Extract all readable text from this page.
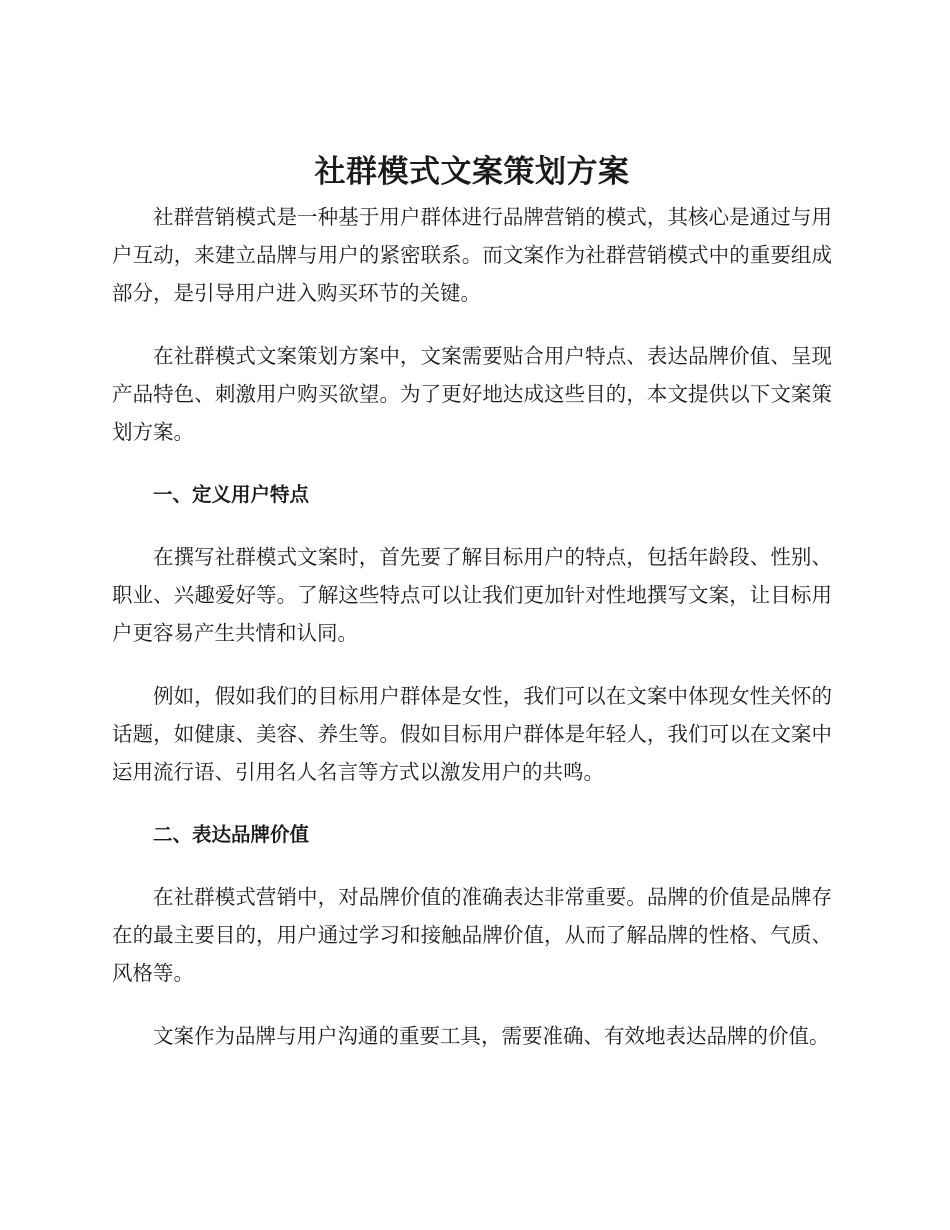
社群模式文案策划方案

社群营销模式是一种基于用户群体进行品牌营销的模式，其核心是通过与用户互动，来建立品牌与用户的紧密联系。而文案作为社群营销模式中的重要组成部分，是引导用户进入购买环节的关键。

在社群模式文案策划方案中，文案需要贴合用户特点、表达品牌价值、呈现产品特色、刺激用户购买欲望。为了更好地达成这些目的，本文提供以下文案策划方案。

一、定义用户特点

在撰写社群模式文案时，首先要了解目标用户的特点，包括年龄段、性别、职业、兴趣爱好等。了解这些特点可以让我们更加针对性地撰写文案，让目标用户更容易产生共情和认同。

例如，假如我们的目标用户群体是女性，我们可以在文案中体现女性关怀的话题，如健康、美容、养生等。假如目标用户群体是年轻人，我们可以在文案中运用流行语、引用名人名言等方式以激发用户的共鸣。

二、表达品牌价值

在社群模式营销中，对品牌价值的准确表达非常重要。品牌的价值是品牌存在的最主要目的，用户通过学习和接触品牌价值，从而了解品牌的性格、气质、风格等。

文案作为品牌与用户沟通的重要工具，需要准确、有效地表达品牌的价值。
